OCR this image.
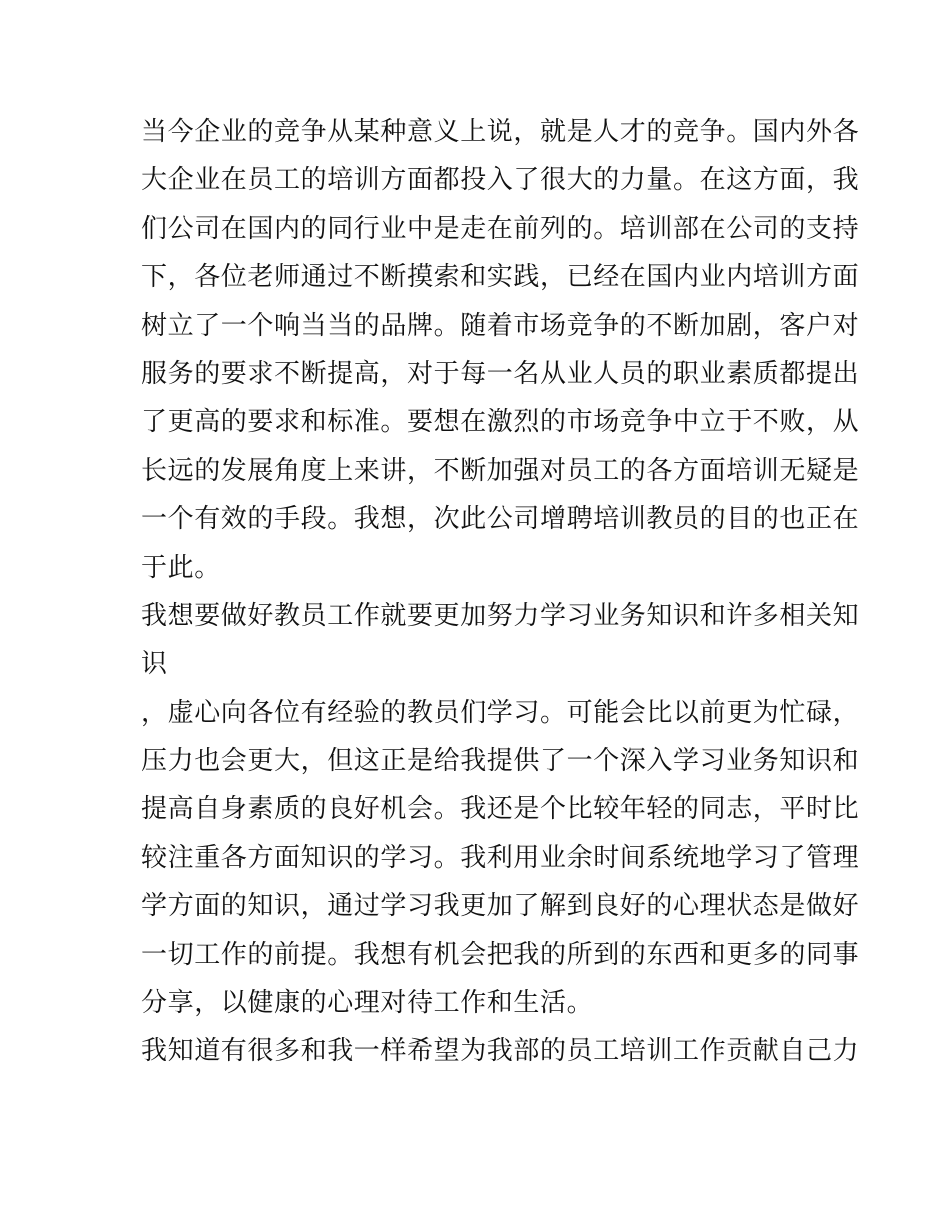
当今企业的竞争从某种意义上说，就是人才的竞争。国内外各
大企业在员工的培训方面都投入了很大的力量。在这方面，我
们公司在国内的同行业中是走在前列的。培训部在公司的支持
下，各位老师通过不断摸索和实践，已经在国内业内培训方面
树立了一个响当当的品牌。随着市场竞争的不断加剧，客户对
服务的要求不断提高，对于每一名从业人员的职业素质都提出
了更高的要求和标准。要想在激烈的市场竞争中立于不败，从
长远的发展角度上来讲，不断加强对员工的各方面培训无疑是
一个有效的手段。我想，次此公司增聘培训教员的目的也正在
于此。
我想要做好教员工作就要更加努力学习业务知识和许多相关知
识
，虚心向各位有经验的教员们学习。可能会比以前更为忙碌，
压力也会更大，但这正是给我提供了一个深入学习业务知识和
提高自身素质的良好机会。我还是个比较年轻的同志，平时比
较注重各方面知识的学习。我利用业余时间系统地学习了管理
学方面的知识，通过学习我更加了解到良好的心理状态是做好
一切工作的前提。我想有机会把我的所到的东西和更多的同事
分享，以健康的心理对待工作和生活。
我知道有很多和我一样希望为我部的员工培训工作贡献自己力
